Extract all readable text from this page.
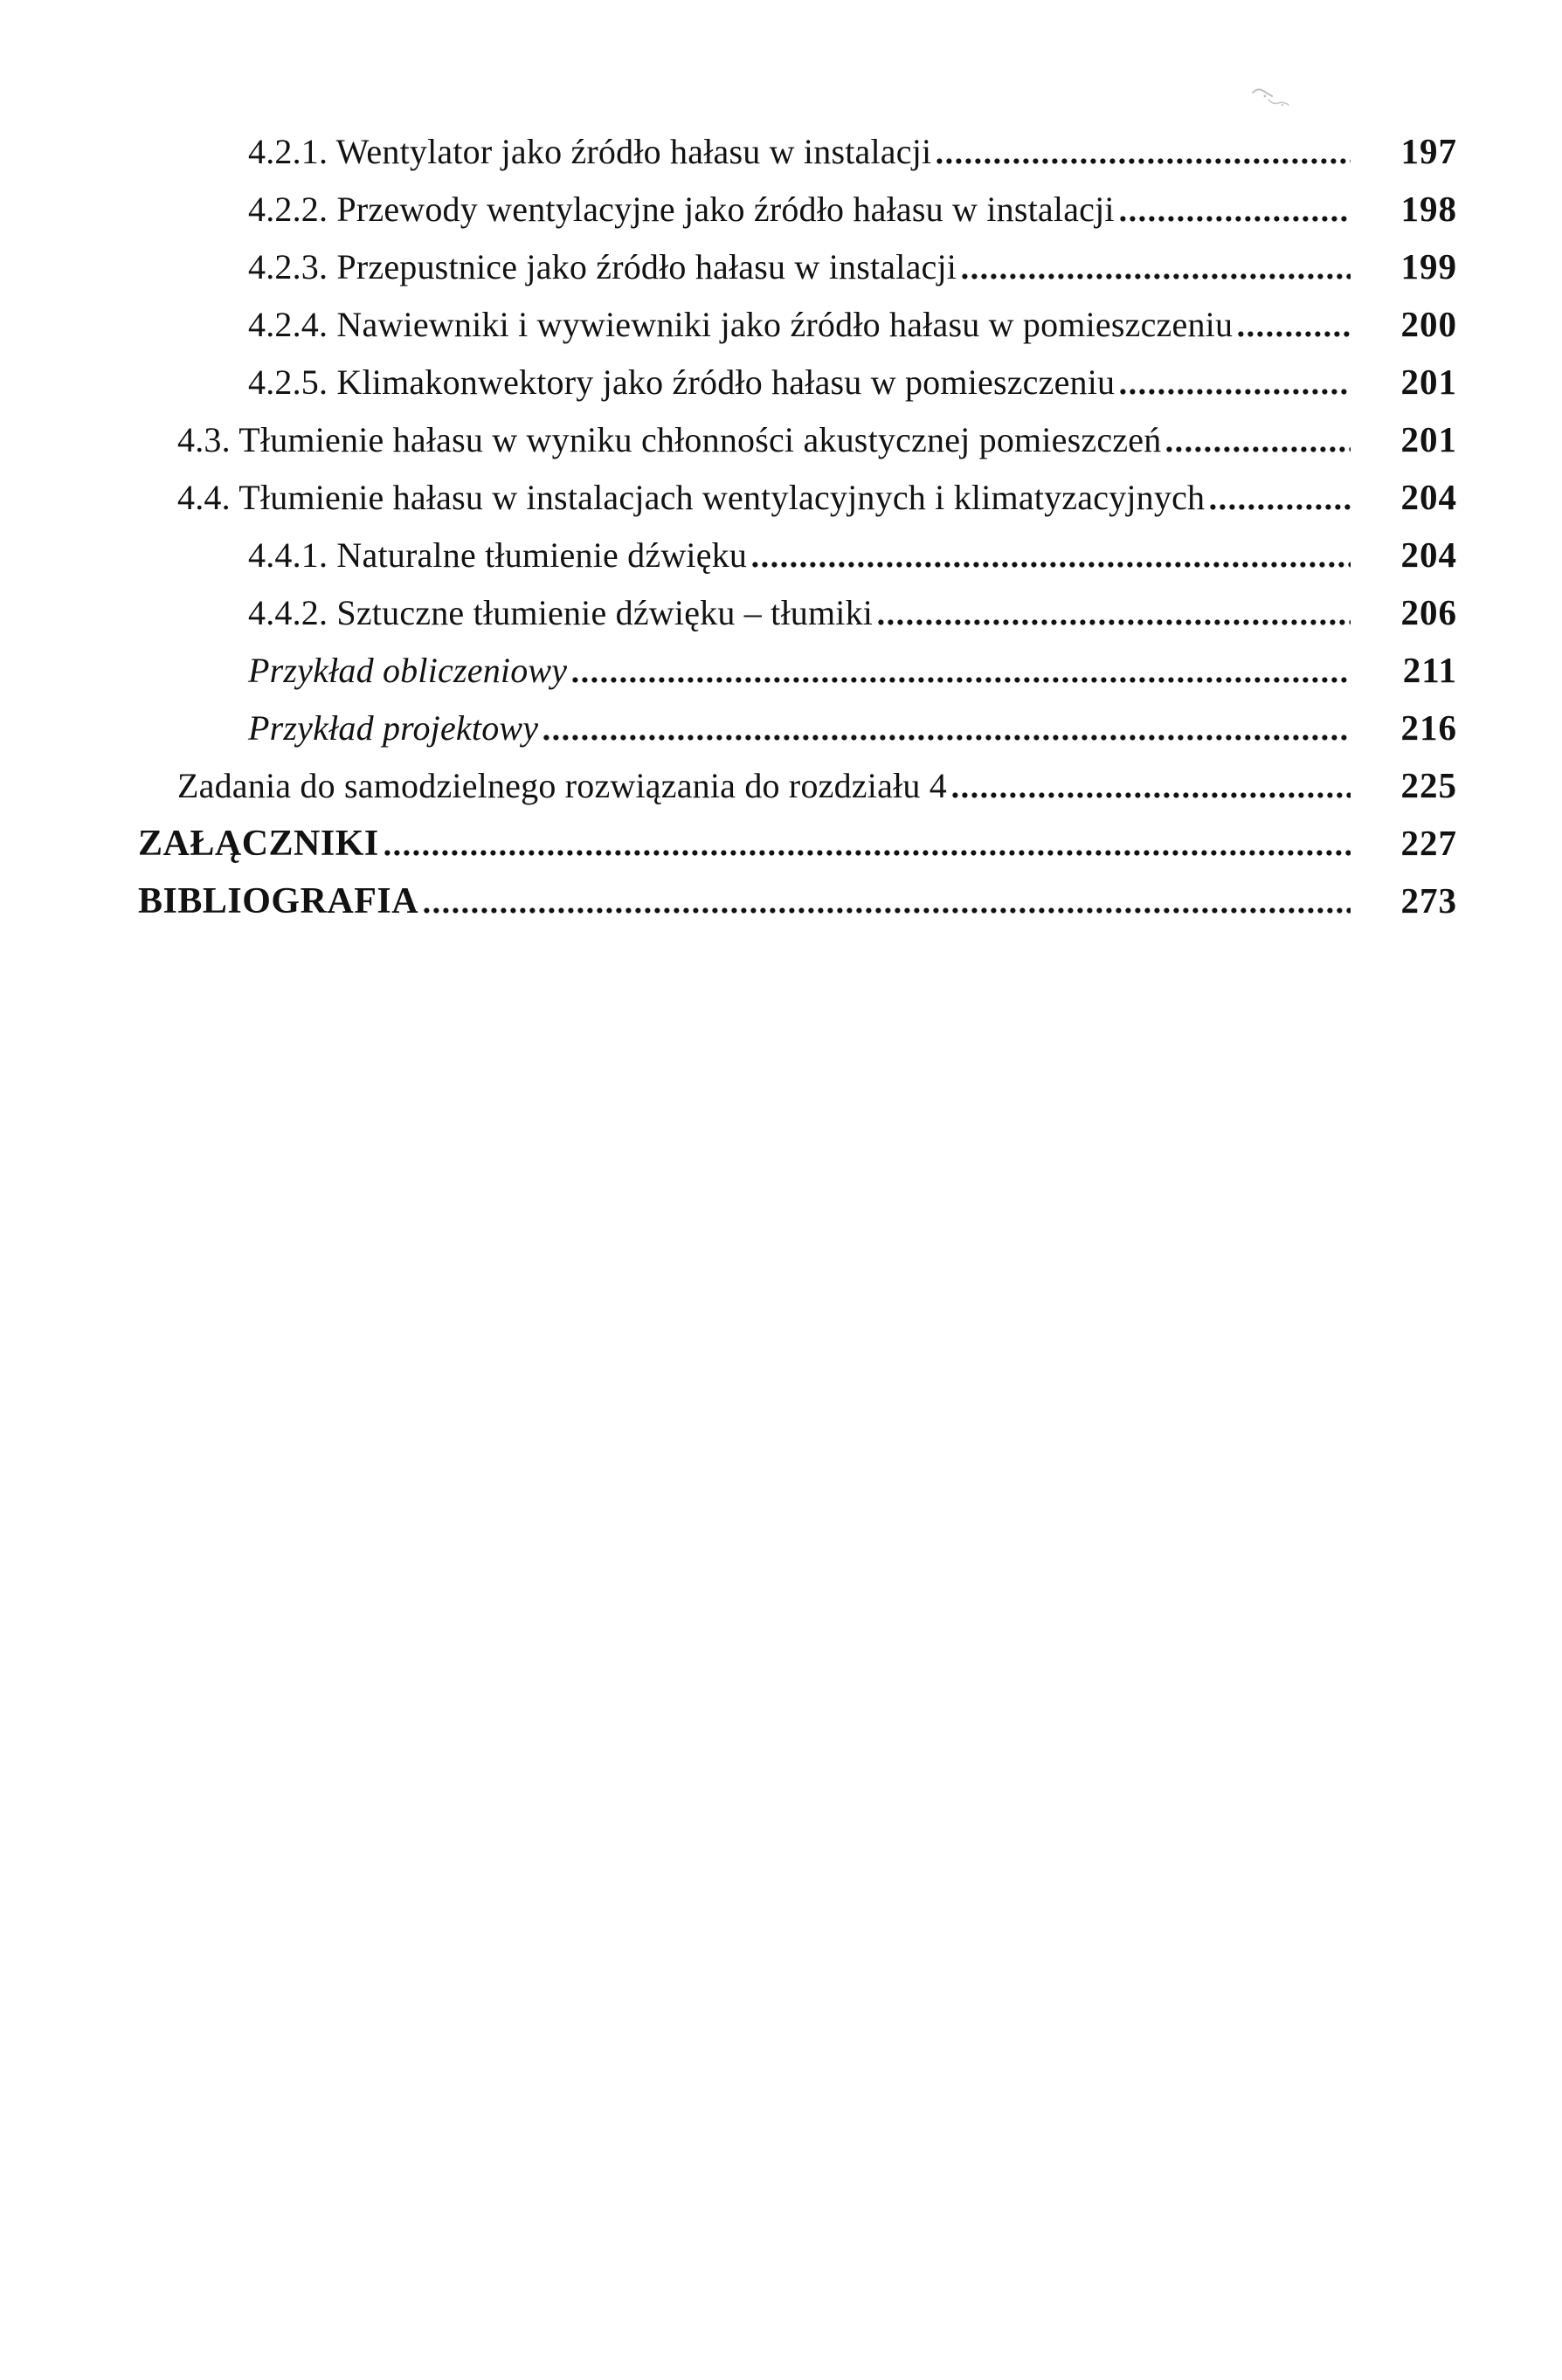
4.2.1. Wentylator jako źródło hałasu w instalacji	197
4.2.2. Przewody wentylacyjne jako źródło hałasu w instalacji	198
4.2.3. Przepustnice jako źródło hałasu w instalacji	199
4.2.4. Nawiewniki i wywiewniki jako źródło hałasu w pomieszczeniu	200
4.2.5. Klimakonwektory jako źródło hałasu w pomieszczeniu	201
4.3. Tłumienie hałasu w wyniku chłonności akustycznej pomieszczeń	201
4.4. Tłumienie hałasu w instalacjach wentylacyjnych i klimatyzacyjnych	204
4.4.1. Naturalne tłumienie dźwięku	204
4.4.2. Sztuczne tłumienie dźwięku – tłumiki	206
Przykład obliczeniowy	211
Przykład projektowy	216
Zadania do samodzielnego rozwiązania do rozdziału 4	225
ZAŁĄCZNIKI	227
BIBLIOGRAFIA	273
